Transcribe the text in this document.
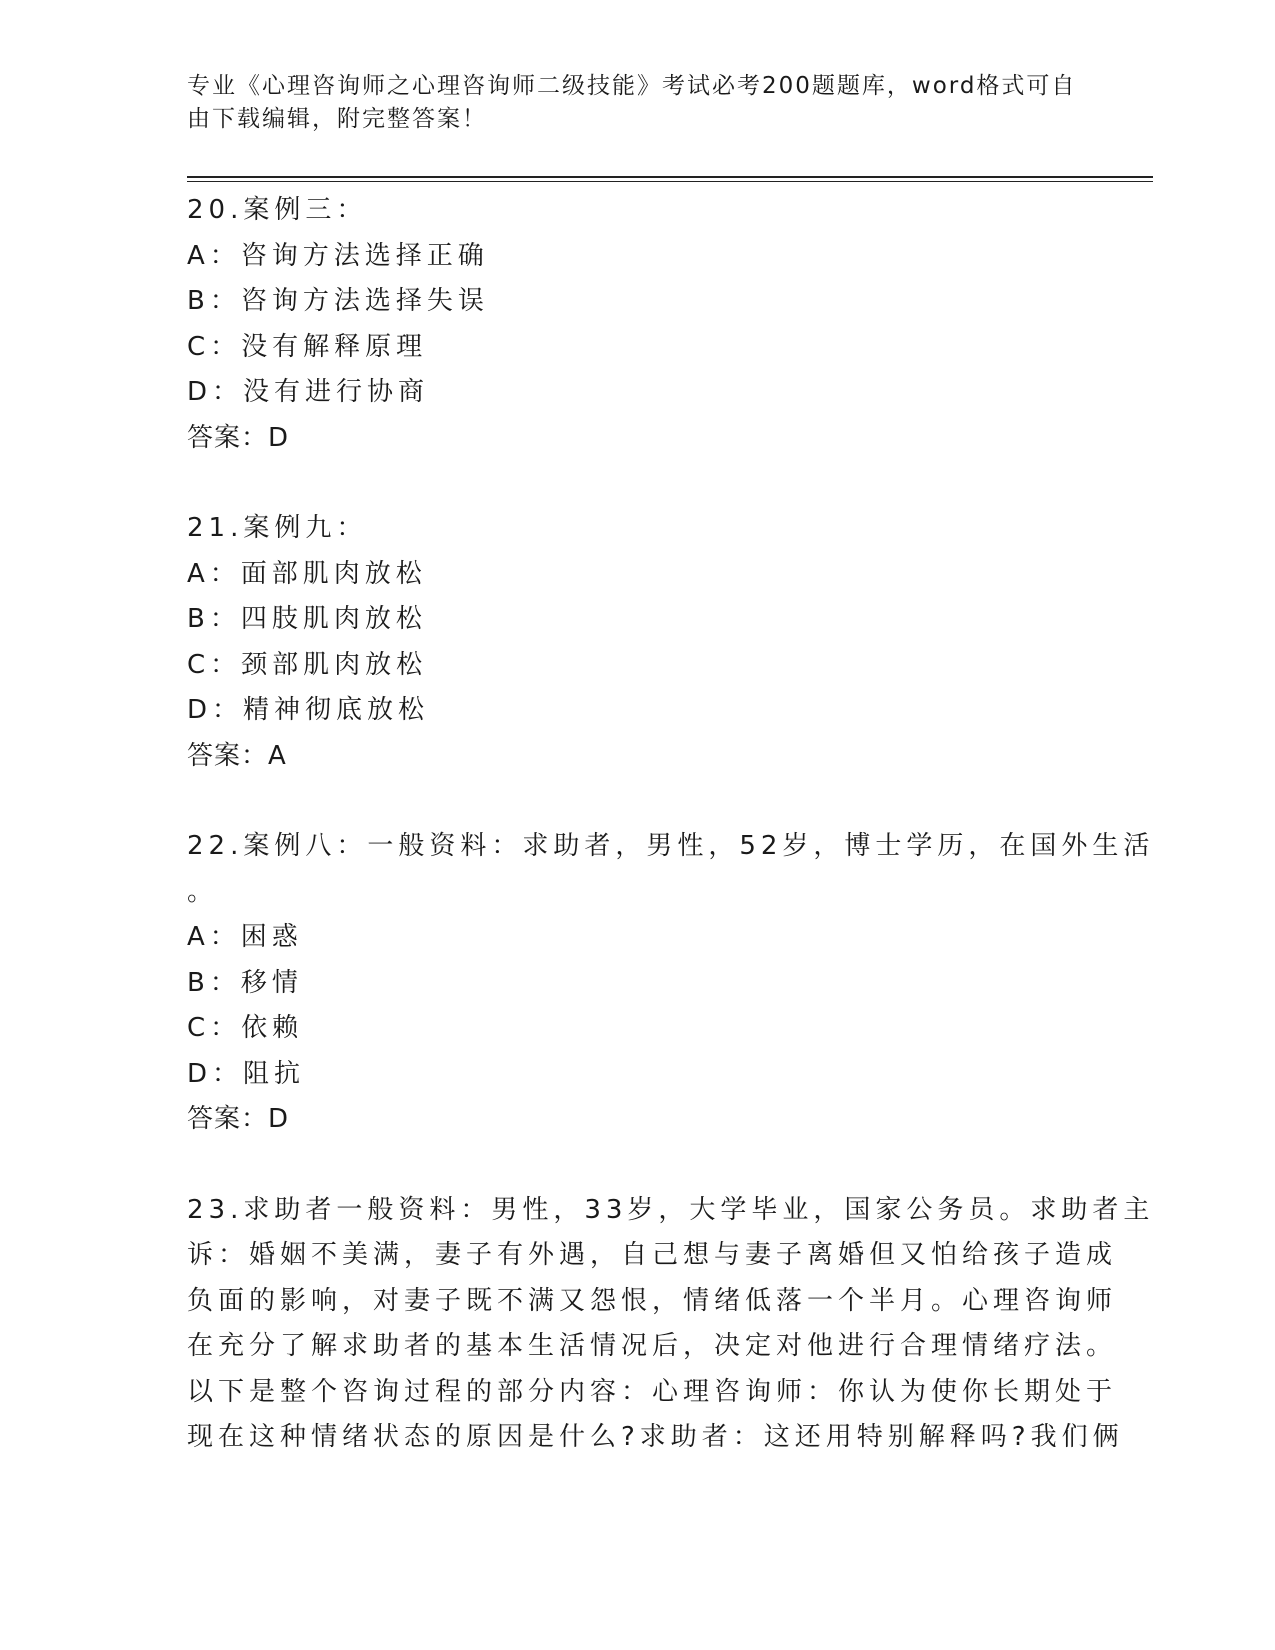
专业《心理咨询师之心理咨询师二级技能》考试必考200题题库，word格式可自
由下载编辑，附完整答案！
20.案例三：
A：咨询方法选择正确
B：咨询方法选择失误
C：没有解释原理
D：没有进行协商
答案：D
21.案例九：
A：面部肌肉放松
B：四肢肌肉放松
C：颈部肌肉放松
D：精神彻底放松
答案：A
22.案例八：一般资料：求助者，男性，52岁，博士学历，在国外生活
。
A：困惑
B：移情
C：依赖
D：阻抗
答案：D
23.求助者一般资料：男性，33岁，大学毕业，国家公务员。求助者主
诉：婚姻不美满，妻子有外遇，自己想与妻子离婚但又怕给孩子造成
负面的影响，对妻子既不满又怨恨，情绪低落一个半月。心理咨询师
在充分了解求助者的基本生活情况后，决定对他进行合理情绪疗法。
以下是整个咨询过程的部分内容：心理咨询师：你认为使你长期处于
现在这种情绪状态的原因是什么?求助者：这还用特别解释吗?我们俩
